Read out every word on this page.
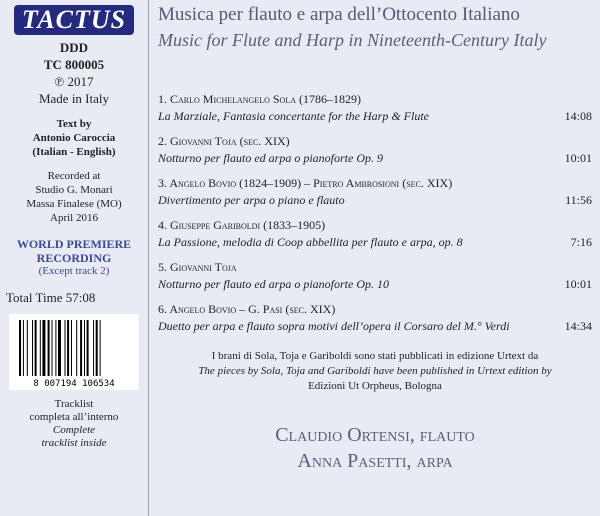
TACTUS
DDD
TC 800005
℗ 2017
Made in Italy
Text by
Antonio Caroccia
(Italian - English)
Recorded at
Studio G. Monari
Massa Finalese (MO)
April 2016
WORLD PREMIERE
RECORDING
(Except track 2)
Total Time 57:08
8 007194 106534
Tracklist
completa all’interno
Complete
tracklist inside
Musica per flauto e arpa dell’Ottocento Italiano
Music for Flute and Harp in Nineteenth-Century Italy
1. Carlo Michelangelo Sola (1786–1829)
La Marziale, Fantasia concertante for the Harp & Flute	14:08
2. Giovanni Toja (sec. XIX)
Notturno per flauto ed arpa o pianoforte Op. 9	10:01
3. Angelo Bovio (1824–1909) – Pietro Ambrosioni (sec. XIX)
Divertimento per arpa o piano e flauto	11:56
4. Giuseppe Gariboldi (1833–1905)
La Passione, melodia di Coop abbellita per flauto e arpa, op. 8	7:16
5. Giovanni Toja
Notturno per flauto ed arpa o pianoforte Op. 10	10:01
6. Angelo Bovio – G. Pasi (sec. XIX)
Duetto per arpa e flauto sopra motivi dell’opera il Corsaro del M.° Verdi	14:34
I brani di Sola, Toja e Gariboldi sono stati pubblicati in edizione Urtext da
The pieces by Sola, Toja and Gariboldi have been published in Urtext edition by
Edizioni Ut Orpheus, Bologna
Claudio Ortensi, flauto
Anna Pasetti, arpa
